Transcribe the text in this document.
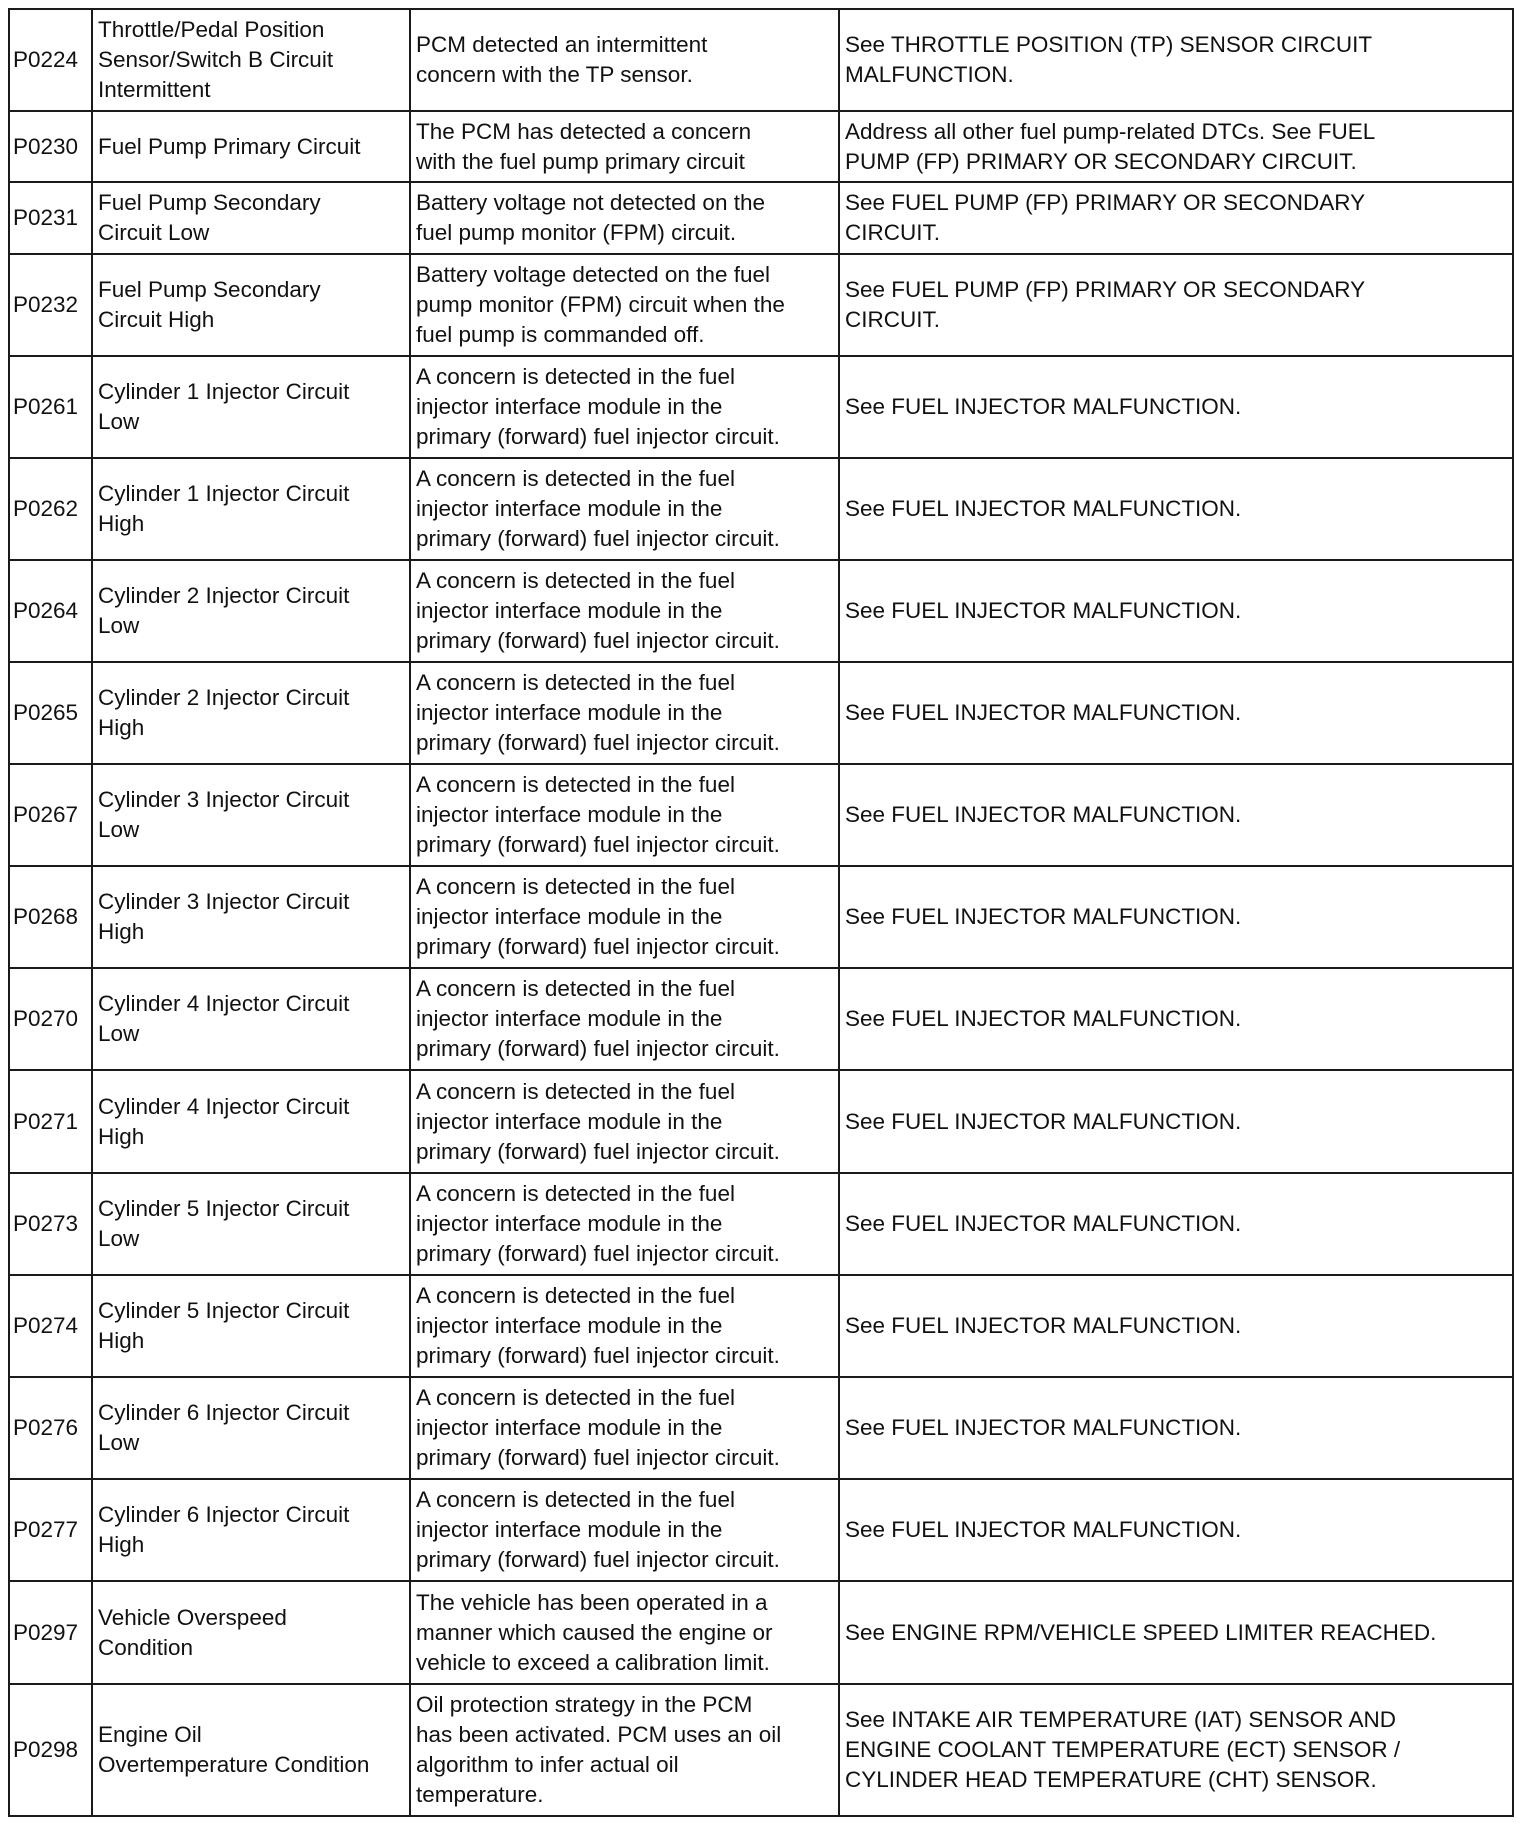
P0224	Throttle/Pedal Position
Sensor/Switch B Circuit
Intermittent	PCM detected an intermittent
concern with the TP sensor.	See THROTTLE POSITION (TP) SENSOR CIRCUIT
MALFUNCTION.

P0230	Fuel Pump Primary Circuit	The PCM has detected a concern
with the fuel pump primary circuit	Address all other fuel pump-related DTCs. See FUEL
PUMP (FP) PRIMARY OR SECONDARY CIRCUIT.

P0231	Fuel Pump Secondary
Circuit Low	Battery voltage not detected on the
fuel pump monitor (FPM) circuit.	See FUEL PUMP (FP) PRIMARY OR SECONDARY
CIRCUIT.

P0232	Fuel Pump Secondary
Circuit High	Battery voltage detected on the fuel
pump monitor (FPM) circuit when the
fuel pump is commanded off.	See FUEL PUMP (FP) PRIMARY OR SECONDARY
CIRCUIT.

P0261	Cylinder 1 Injector Circuit
Low	A concern is detected in the fuel
injector interface module in the
primary (forward) fuel injector circuit.	See FUEL INJECTOR MALFUNCTION.

P0262	Cylinder 1 Injector Circuit
High	A concern is detected in the fuel
injector interface module in the
primary (forward) fuel injector circuit.	See FUEL INJECTOR MALFUNCTION.

P0264	Cylinder 2 Injector Circuit
Low	A concern is detected in the fuel
injector interface module in the
primary (forward) fuel injector circuit.	See FUEL INJECTOR MALFUNCTION.

P0265	Cylinder 2 Injector Circuit
High	A concern is detected in the fuel
injector interface module in the
primary (forward) fuel injector circuit.	See FUEL INJECTOR MALFUNCTION.

P0267	Cylinder 3 Injector Circuit
Low	A concern is detected in the fuel
injector interface module in the
primary (forward) fuel injector circuit.	See FUEL INJECTOR MALFUNCTION.

P0268	Cylinder 3 Injector Circuit
High	A concern is detected in the fuel
injector interface module in the
primary (forward) fuel injector circuit.	See FUEL INJECTOR MALFUNCTION.

P0270	Cylinder 4 Injector Circuit
Low	A concern is detected in the fuel
injector interface module in the
primary (forward) fuel injector circuit.	See FUEL INJECTOR MALFUNCTION.

P0271	Cylinder 4 Injector Circuit
High	A concern is detected in the fuel
injector interface module in the
primary (forward) fuel injector circuit.	See FUEL INJECTOR MALFUNCTION.

P0273	Cylinder 5 Injector Circuit
Low	A concern is detected in the fuel
injector interface module in the
primary (forward) fuel injector circuit.	See FUEL INJECTOR MALFUNCTION.

P0274	Cylinder 5 Injector Circuit
High	A concern is detected in the fuel
injector interface module in the
primary (forward) fuel injector circuit.	See FUEL INJECTOR MALFUNCTION.

P0276	Cylinder 6 Injector Circuit
Low	A concern is detected in the fuel
injector interface module in the
primary (forward) fuel injector circuit.	See FUEL INJECTOR MALFUNCTION.

P0277	Cylinder 6 Injector Circuit
High	A concern is detected in the fuel
injector interface module in the
primary (forward) fuel injector circuit.	See FUEL INJECTOR MALFUNCTION.

P0297	Vehicle Overspeed
Condition	The vehicle has been operated in a
manner which caused the engine or
vehicle to exceed a calibration limit.	See ENGINE RPM/VEHICLE SPEED LIMITER REACHED.

P0298	Engine Oil
Overtemperature Condition	Oil protection strategy in the PCM
has been activated. PCM uses an oil
algorithm to infer actual oil
temperature.	See INTAKE AIR TEMPERATURE (IAT) SENSOR AND
ENGINE COOLANT TEMPERATURE (ECT) SENSOR /
CYLINDER HEAD TEMPERATURE (CHT) SENSOR.
